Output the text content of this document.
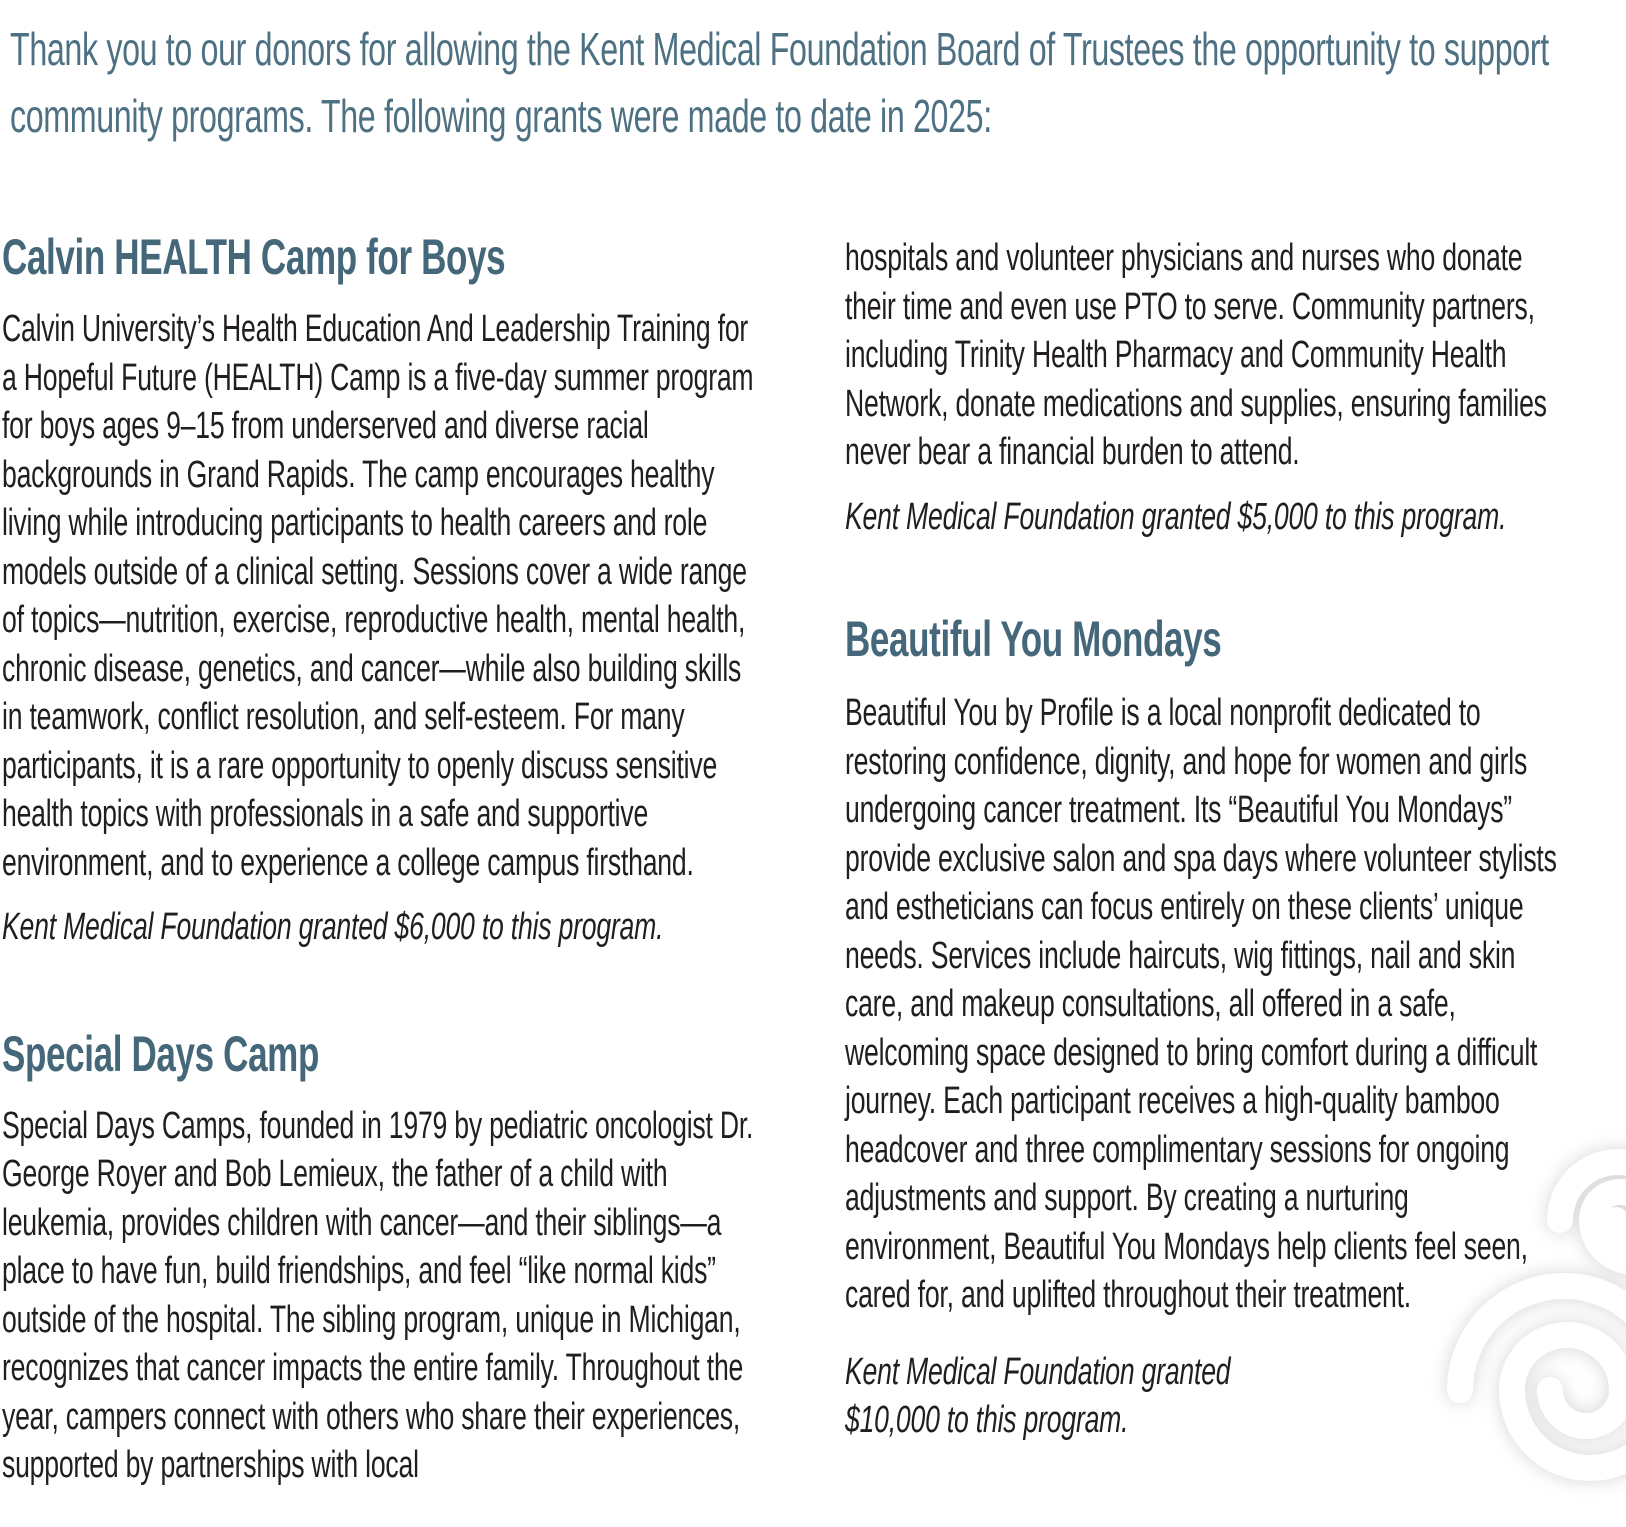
Thank you to our donors for allowing the Kent Medical Foundation Board of Trustees the opportunity to support community programs. The following grants were made to date in 2025:

Calvin HEALTH Camp for Boys

Calvin University’s Health Education And Leadership Training for a Hopeful Future (HEALTH) Camp is a five-day summer program for boys ages 9–15 from underserved and diverse racial backgrounds in Grand Rapids. The camp encourages healthy living while introducing participants to health careers and role models outside of a clinical setting. Sessions cover a wide range of topics—nutrition, exercise, reproductive health, mental health, chronic disease, genetics, and cancer—while also building skills in teamwork, conflict resolution, and self-esteem. For many participants, it is a rare opportunity to openly discuss sensitive health topics with professionals in a safe and supportive environment, and to experience a college campus firsthand.

Kent Medical Foundation granted $6,000 to this program.

Special Days Camp

Special Days Camps, founded in 1979 by pediatric oncologist Dr. George Royer and Bob Lemieux, the father of a child with leukemia, provides children with cancer—and their siblings—a place to have fun, build friendships, and feel “like normal kids” outside of the hospital. The sibling program, unique in Michigan, recognizes that cancer impacts the entire family. Throughout the year, campers connect with others who share their experiences, supported by partnerships with local

hospitals and volunteer physicians and nurses who donate their time and even use PTO to serve. Community partners, including Trinity Health Pharmacy and Community Health Network, donate medications and supplies, ensuring families never bear a financial burden to attend.

Kent Medical Foundation granted $5,000 to this program.

Beautiful You Mondays

Beautiful You by Profile is a local nonprofit dedicated to restoring confidence, dignity, and hope for women and girls undergoing cancer treatment. Its “Beautiful You Mondays” provide exclusive salon and spa days where volunteer stylists and estheticians can focus entirely on these clients’ unique needs. Services include haircuts, wig fittings, nail and skin care, and makeup consultations, all offered in a safe, welcoming space designed to bring comfort during a difficult journey. Each participant receives a high-quality bamboo headcover and three complimentary sessions for ongoing adjustments and support. By creating a nurturing environment, Beautiful You Mondays help clients feel seen, cared for, and uplifted throughout their treatment.

Kent Medical Foundation granted $10,000 to this program.
